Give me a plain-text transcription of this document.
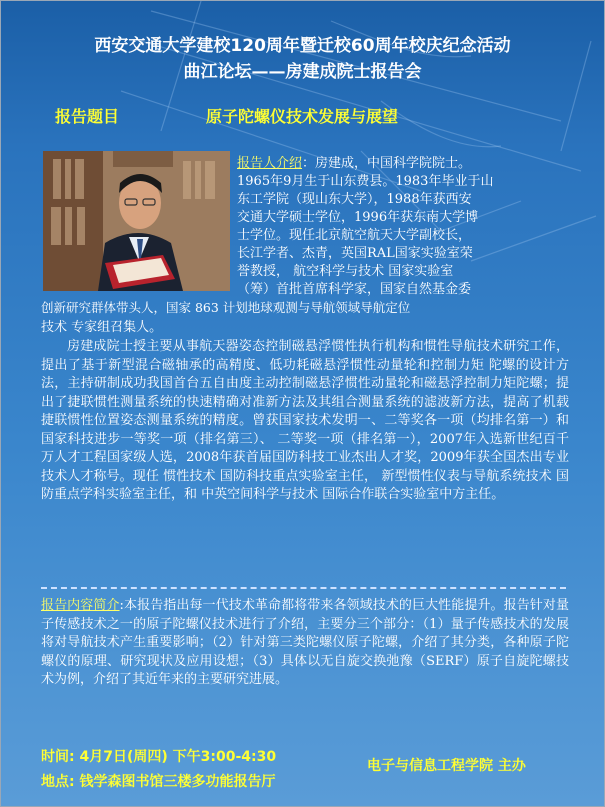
西安交通大学建校120周年暨迁校60周年校庆纪念活动
曲江论坛——房建成院士报告会
报告题目	原子陀螺仪技术发展与展望
报告人介绍：房建成，中国科学院院士。
1965年9月生于山东费县。1983年毕业于山
东工学院（现山东大学），1988年获西安
交通大学硕士学位，1996年获东南大学博
士学位。现任北京航空航天大学副校长，
长江学者、杰青，英国RAL国家实验室荣
誉教授， 航空科学与技术 国家实验室
（筹）首批首席科学家，国家自然基金委
创新研究群体带头人，国家 863 计划地球观测与导航领域导航定位
技术 专家组召集人。
房建成院士授主要从事航天器姿态控制磁悬浮惯性执行机构和惯性导航技术研究工作，提出了基于新型混合磁轴承的高精度、低功耗磁悬浮惯性动量轮和控制力矩 陀螺的设计方法，主持研制成功我国首台五自由度主动控制磁悬浮惯性动量轮和磁悬浮控制力矩陀螺；提出了捷联惯性测量系统的快速精确对准新方法及其组合测量系统的滤波新方法，提高了机载捷联惯性位置姿态测量系统的精度。曾获国家技术发明一、二等奖各一项（均排名第一）和国家科技进步一等奖一项（排名第三）、 二等奖一项（排名第一），2007年入选新世纪百千万人才工程国家级人选，2008年获首届国防科技工业杰出人才奖，2009年获全国杰出专业技术人才称号。现任 惯性技术 国防科技重点实验室主任， 新型惯性仪表与导航系统技术 国防重点学科实验室主任，和 中英空间科学与技术 国际合作联合实验室中方主任。
报告内容简介:本报告指出每一代技术革命都将带来各领域技术的巨大性能提升。报告针对量子传感技术之一的原子陀螺仪技术进行了介绍，主要分三个部分：（1）量子传感技术的发展将对导航技术产生重要影响；（2）针对第三类陀螺仪原子陀螺，介绍了其分类，各种原子陀螺仪的原理、研究现状及应用设想；（3）具体以无自旋交换弛豫（SERF）原子自旋陀螺技术为例，介绍了其近年来的主要研究进展。
时间: 4月7日(周四) 下午3:00-4:30
地点: 钱学森图书馆三楼多功能报告厅
电子与信息工程学院 主办
